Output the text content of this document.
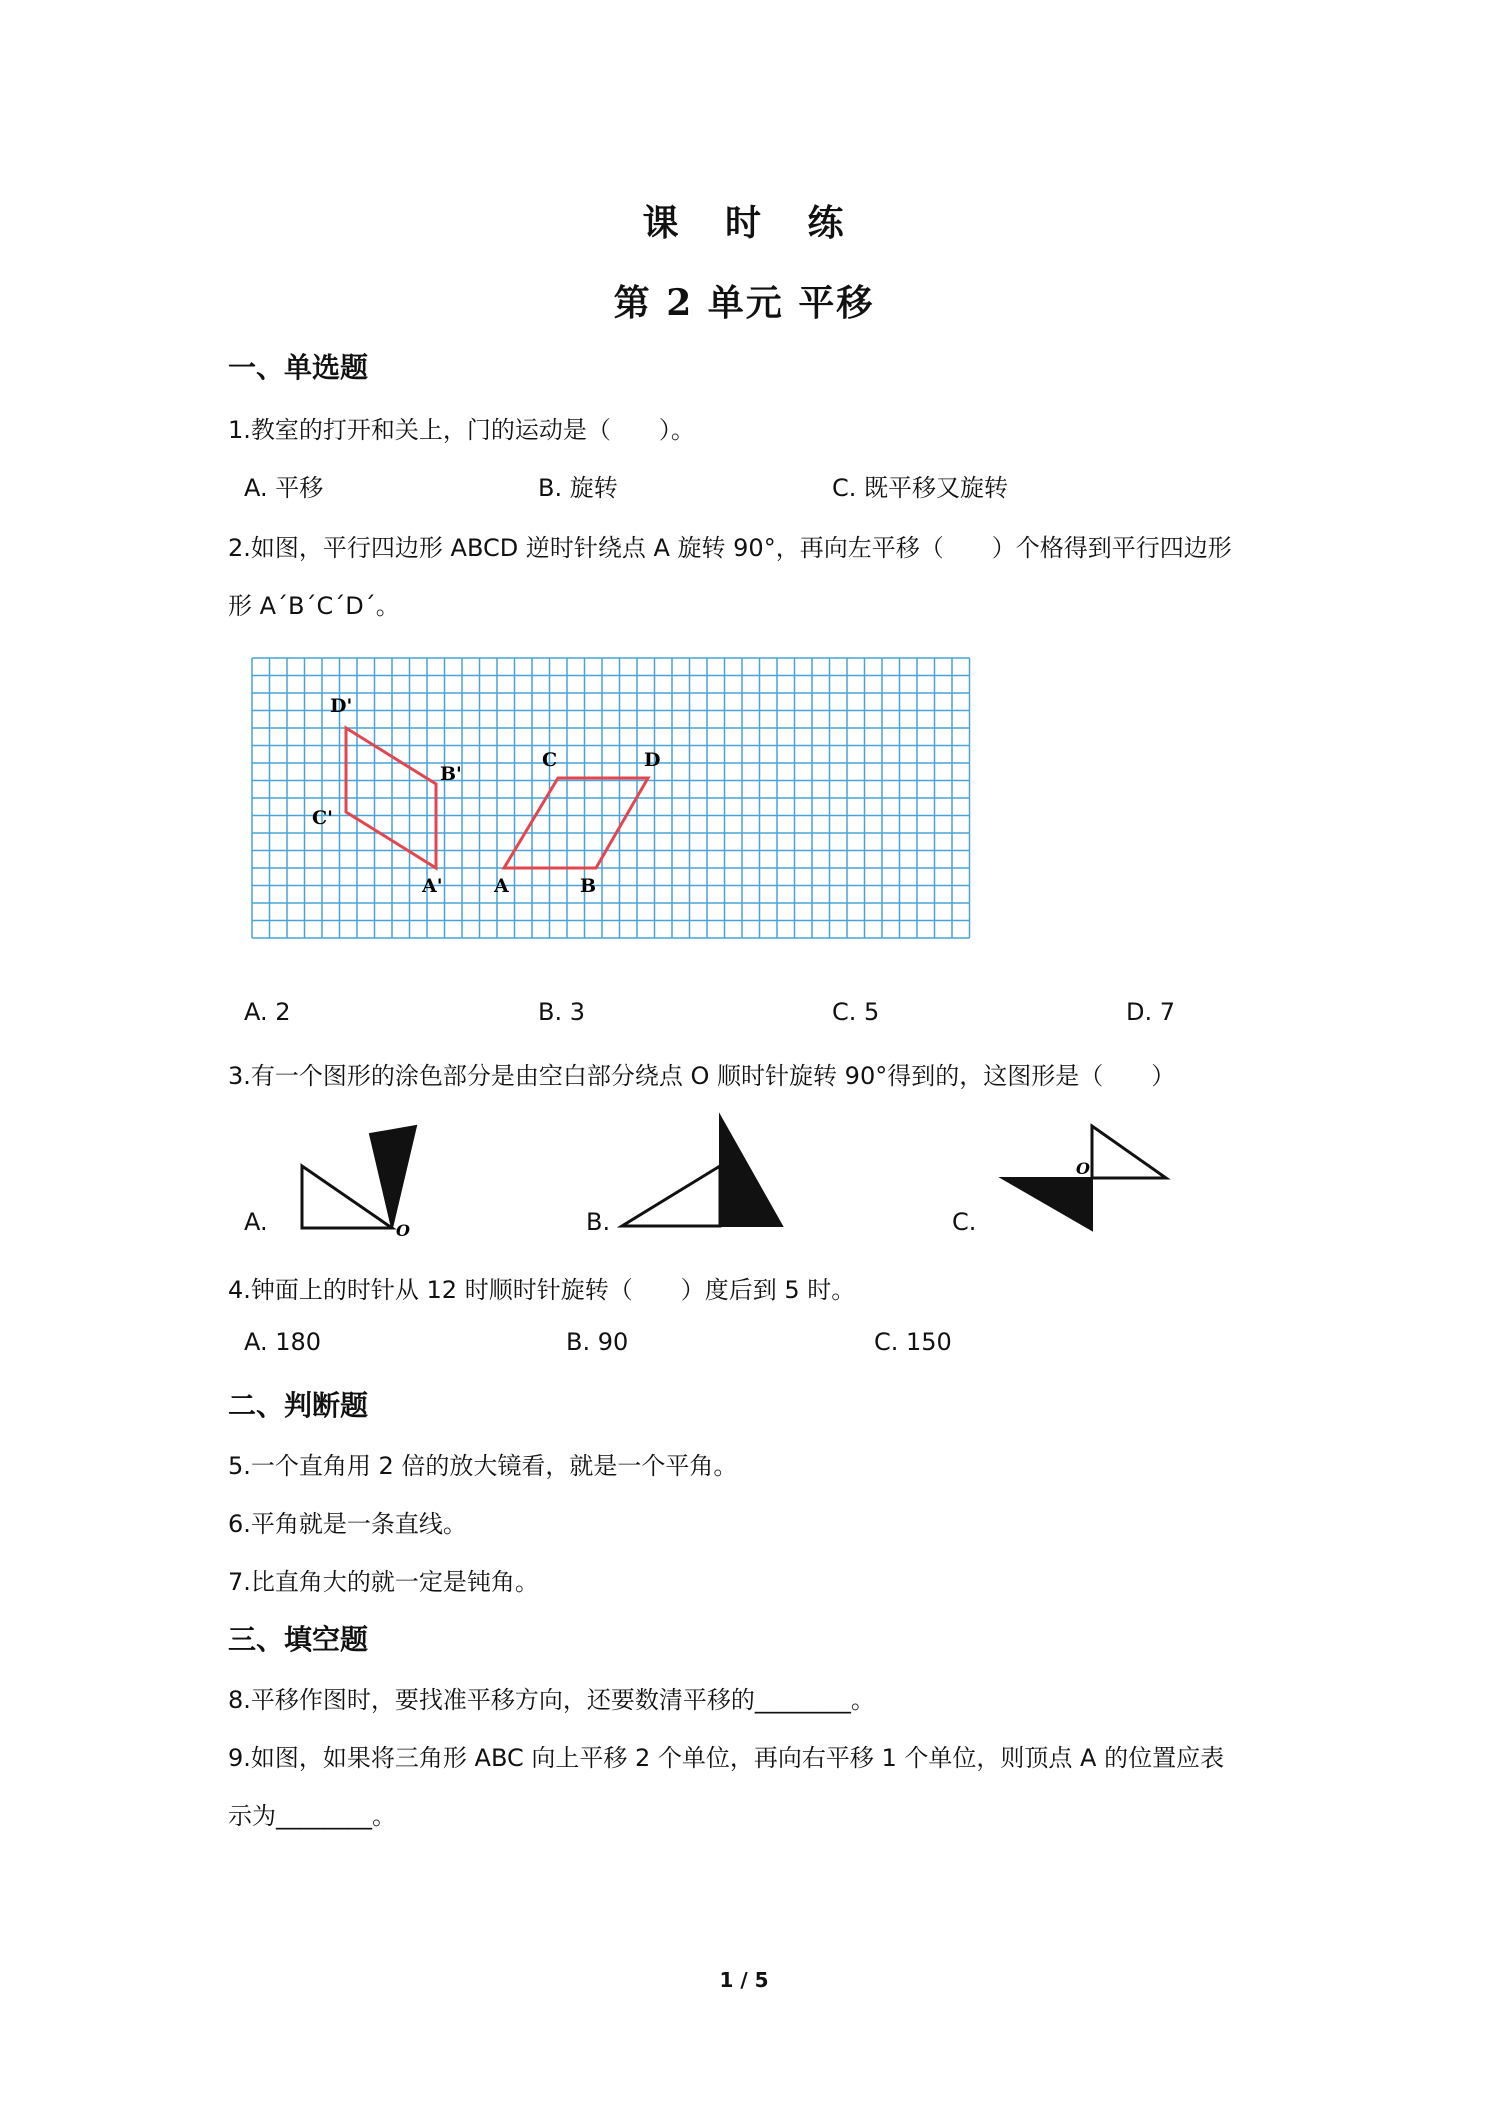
课 时 练
第 2 单元 平移
一、单选题
1.教室的打开和关上，门的运动是（　　）。
A. 平移	B. 旋转	C. 既平移又旋转
2.如图，平行四边形 ABCD 逆时针绕点 A 旋转 90°，再向左平移（　　）个格得到平行四边形
形 A´B´C´D´。
D'
B'
C'
A'	A	B
C	D
A. 2	B. 3	C. 5	D. 7
3.有一个图形的涂色部分是由空白部分绕点 O 顺时针旋转 90°得到的，这图形是（　　）
A.	O	B.	C.
O
4.钟面上的时针从 12 时顺时针旋转（　　）度后到 5 时。
A. 180	B. 90	C. 150
二、判断题
5.一个直角用 2 倍的放大镜看，就是一个平角。
6.平角就是一条直线。
7.比直角大的就一定是钝角。
三、填空题
8.平移作图时，要找准平移方向，还要数清平移的________。
9.如图，如果将三角形 ABC 向上平移 2 个单位，再向右平移 1 个单位，则顶点 A 的位置应表
示为________。
1 / 5
